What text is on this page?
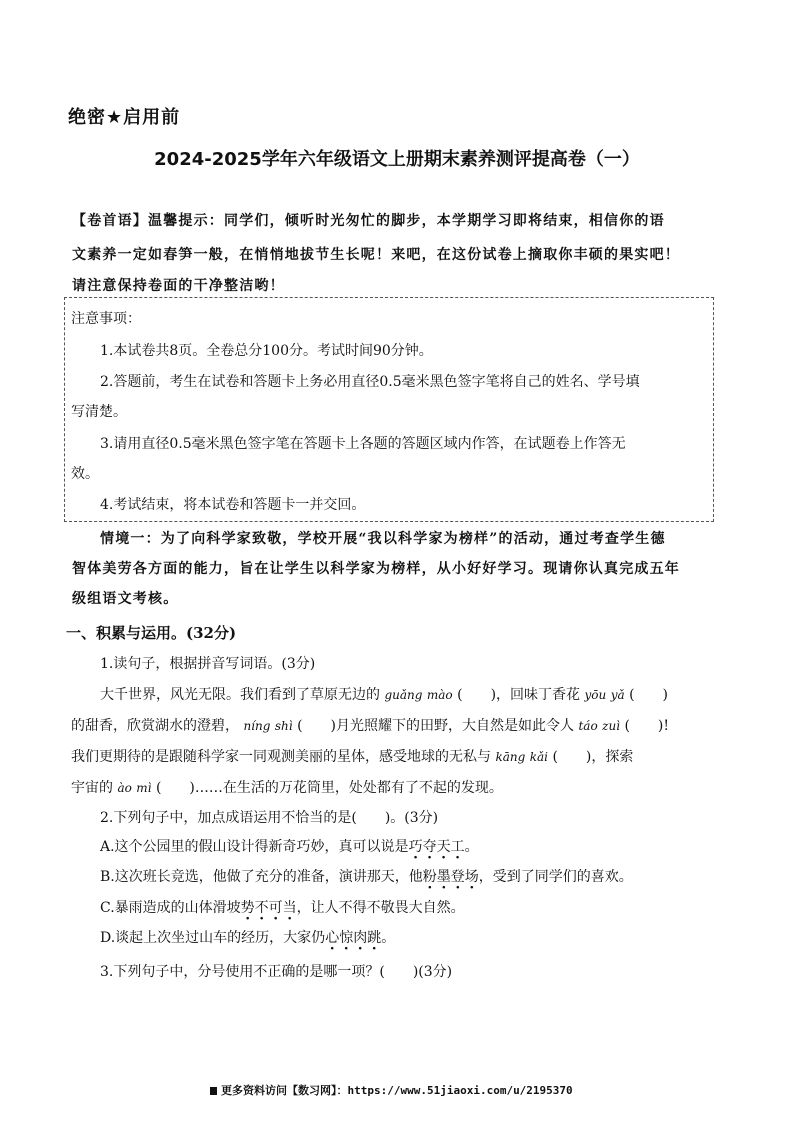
绝密★启用前
2024-2025学年六年级语文上册期末素养测评提高卷（一）
【卷首语】温馨提示：同学们，倾听时光匆忙的脚步，本学期学习即将结束，相信你的语
文素养一定如春笋一般，在悄悄地拔节生长呢！来吧，在这份试卷上摘取你丰硕的果实吧！
请注意保持卷面的干净整洁哟！
注意事项：
1.本试卷共8页。全卷总分100分。考试时间90分钟。
2.答题前，考生在试卷和答题卡上务必用直径0.5毫米黑色签字笔将自己的姓名、学号填
写清楚。
3.请用直径0.5毫米黑色签字笔在答题卡上各题的答题区域内作答，在试题卷上作答无
效。
4.考试结束，将本试卷和答题卡一并交回。
情境一：为了向科学家致敬，学校开展“我以科学家为榜样”的活动，通过考查学生德
智体美劳各方面的能力，旨在让学生以科学家为榜样，从小好好学习。现请你认真完成五年
级组语文考核。
一、积累与运用。(32分)
1.读句子，根据拼音写词语。(3分)
大千世界，风光无限。我们看到了草原无边的 guǎng mào (　　)，回味丁香花 yōu yǎ (　　)
的甜香，欣赏湖水的澄碧， níng shì (　　)月光照耀下的田野，大自然是如此令人 táo zuì (　　)!
我们更期待的是跟随科学家一同观测美丽的星体，感受地球的无私与 kāng kǎi (　　)，探索
宇宙的 ào mì (　　)……在生活的万花筒里，处处都有了不起的发现。
2.下列句子中，加点成语运用不恰当的是(　　)。(3分)
A.这个公园里的假山设计得新奇巧妙，真可以说是巧夺天工。
B.这次班长竞选，他做了充分的准备，演讲那天，他粉墨登场，受到了同学们的喜欢。
C.暴雨造成的山体滑坡势不可当，让人不得不敬畏大自然。
D.谈起上次坐过山车的经历，大家仍心惊肉跳。
3.下列句子中，分号使用不正确的是哪一项？(　　)(3分)
更多资料访问【数习网】：https://www.51jiaoxi.com/u/2195370
